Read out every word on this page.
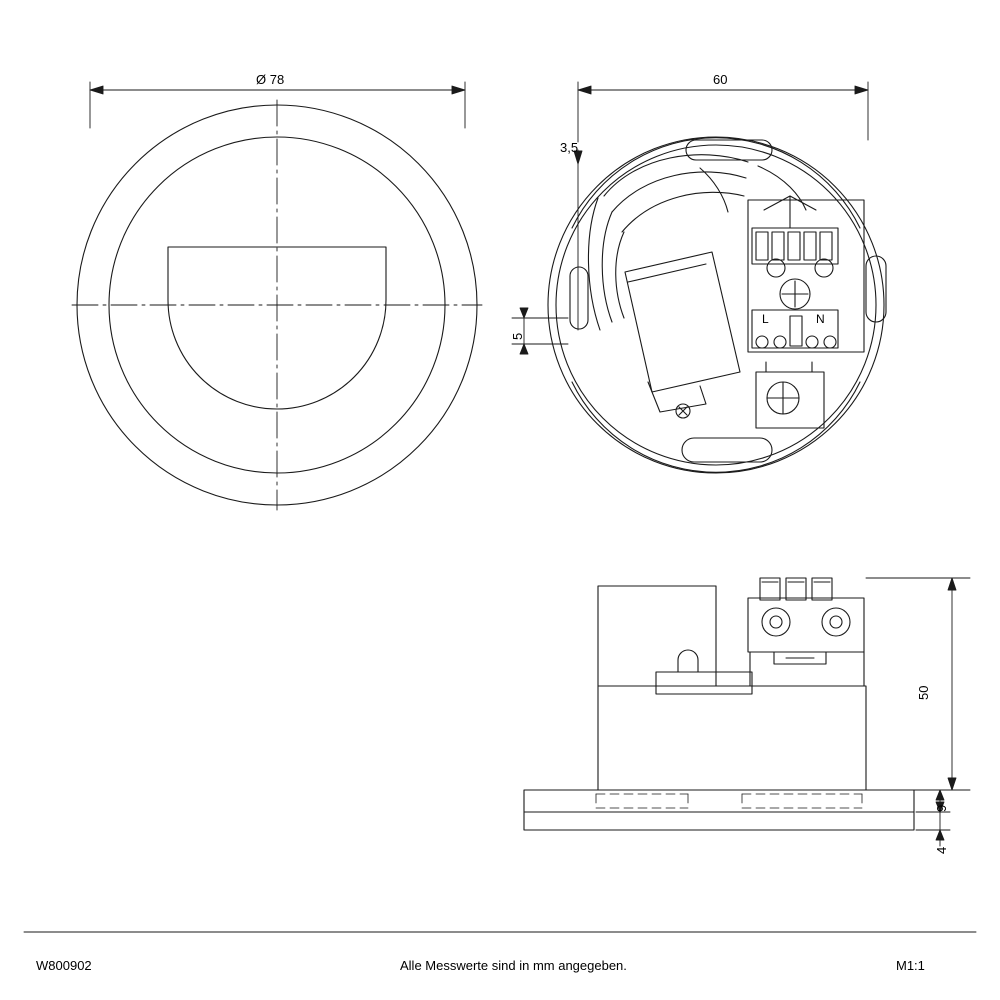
Ø 78	60
3,5
5
L	N
50
9
4
W800902	Alle Messwerte sind in mm angegeben.	M1:1
